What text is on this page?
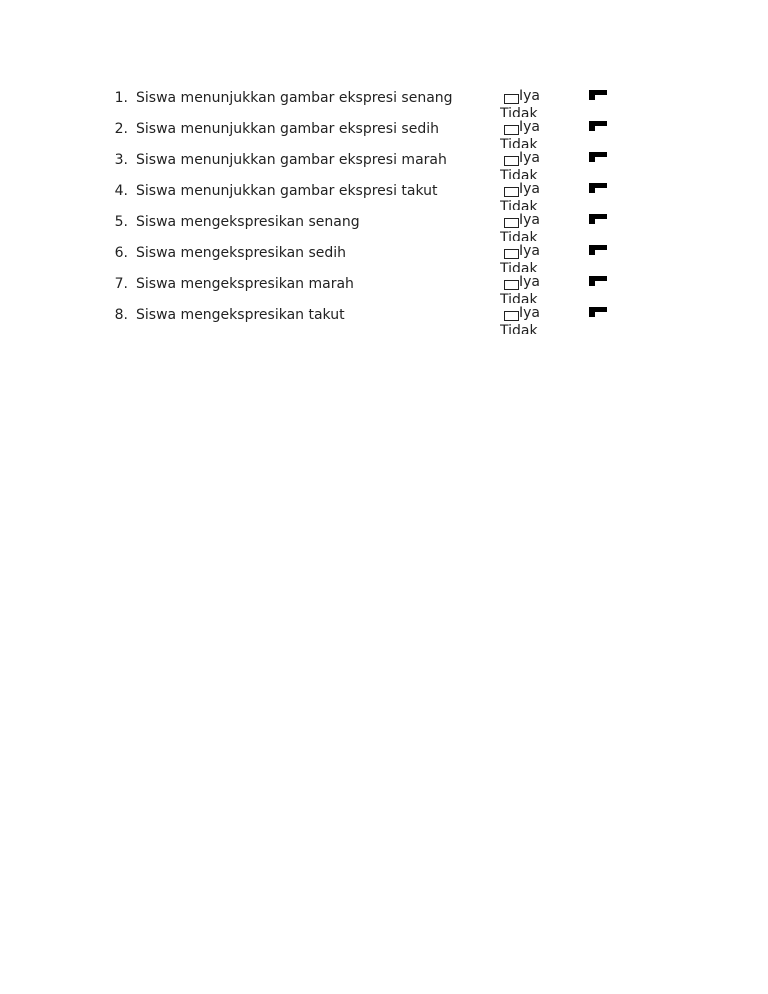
1. Siswa menunjukkan gambar ekspresi senang	Iya
Tidak
2. Siswa menunjukkan gambar ekspresi sedih	Iya
Tidak
3. Siswa menunjukkan gambar ekspresi marah	Iya
Tidak
4. Siswa menunjukkan gambar ekspresi takut	Iya
Tidak
5. Siswa mengekspresikan senang	Iya
Tidak
6. Siswa mengekspresikan sedih	Iya
Tidak
7. Siswa mengekspresikan marah	Iya
Tidak
8. Siswa mengekspresikan takut	Iya
Tidak
